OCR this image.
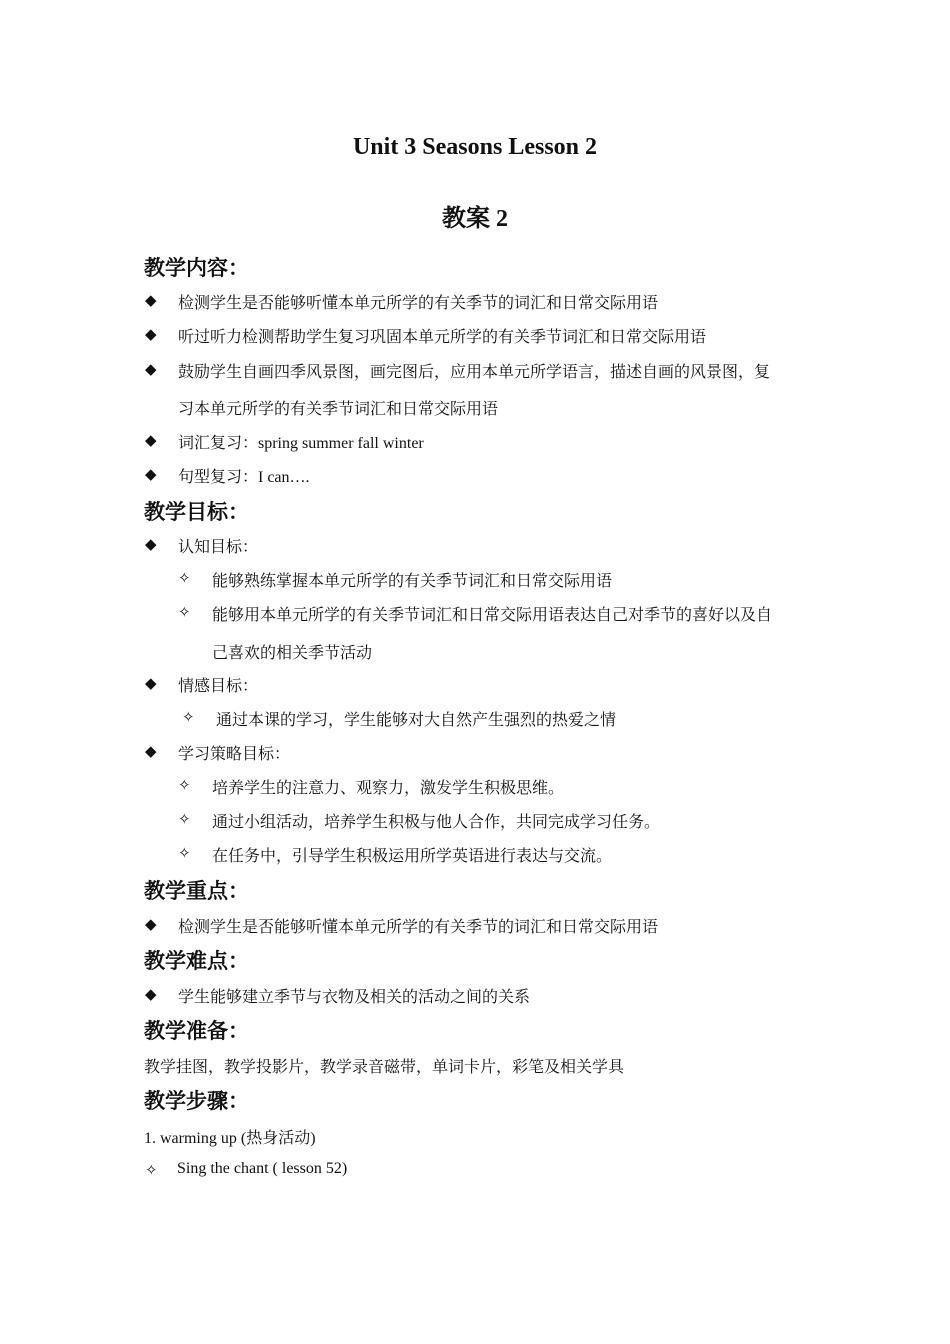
Unit 3 Seasons Lesson 2
教案 2
教学内容：
◆ 检测学生是否能够听懂本单元所学的有关季节的词汇和日常交际用语
◆ 听过听力检测帮助学生复习巩固本单元所学的有关季节词汇和日常交际用语
◆ 鼓励学生自画四季风景图，画完图后，应用本单元所学语言，描述自画的风景图，复
习本单元所学的有关季节词汇和日常交际用语
◆ 词汇复习：spring summer fall winter
◆ 句型复习：I can….
教学目标：
◆ 认知目标：
✧ 能够熟练掌握本单元所学的有关季节词汇和日常交际用语
✧ 能够用本单元所学的有关季节词汇和日常交际用语表达自己对季节的喜好以及自
己喜欢的相关季节活动
◆ 情感目标：
✧ 通过本课的学习，学生能够对大自然产生强烈的热爱之情
◆ 学习策略目标：
✧ 培养学生的注意力、观察力，激发学生积极思维。
✧ 通过小组活动，培养学生积极与他人合作，共同完成学习任务。
✧ 在任务中，引导学生积极运用所学英语进行表达与交流。
教学重点：
◆ 检测学生是否能够听懂本单元所学的有关季节的词汇和日常交际用语
教学难点：
◆ 学生能够建立季节与衣物及相关的活动之间的关系
教学准备：
教学挂图，教学投影片，教学录音磁带，单词卡片，彩笔及相关学具
教学步骤：
1. warming up (热身活动)
✧ Sing the chant ( lesson 52)
